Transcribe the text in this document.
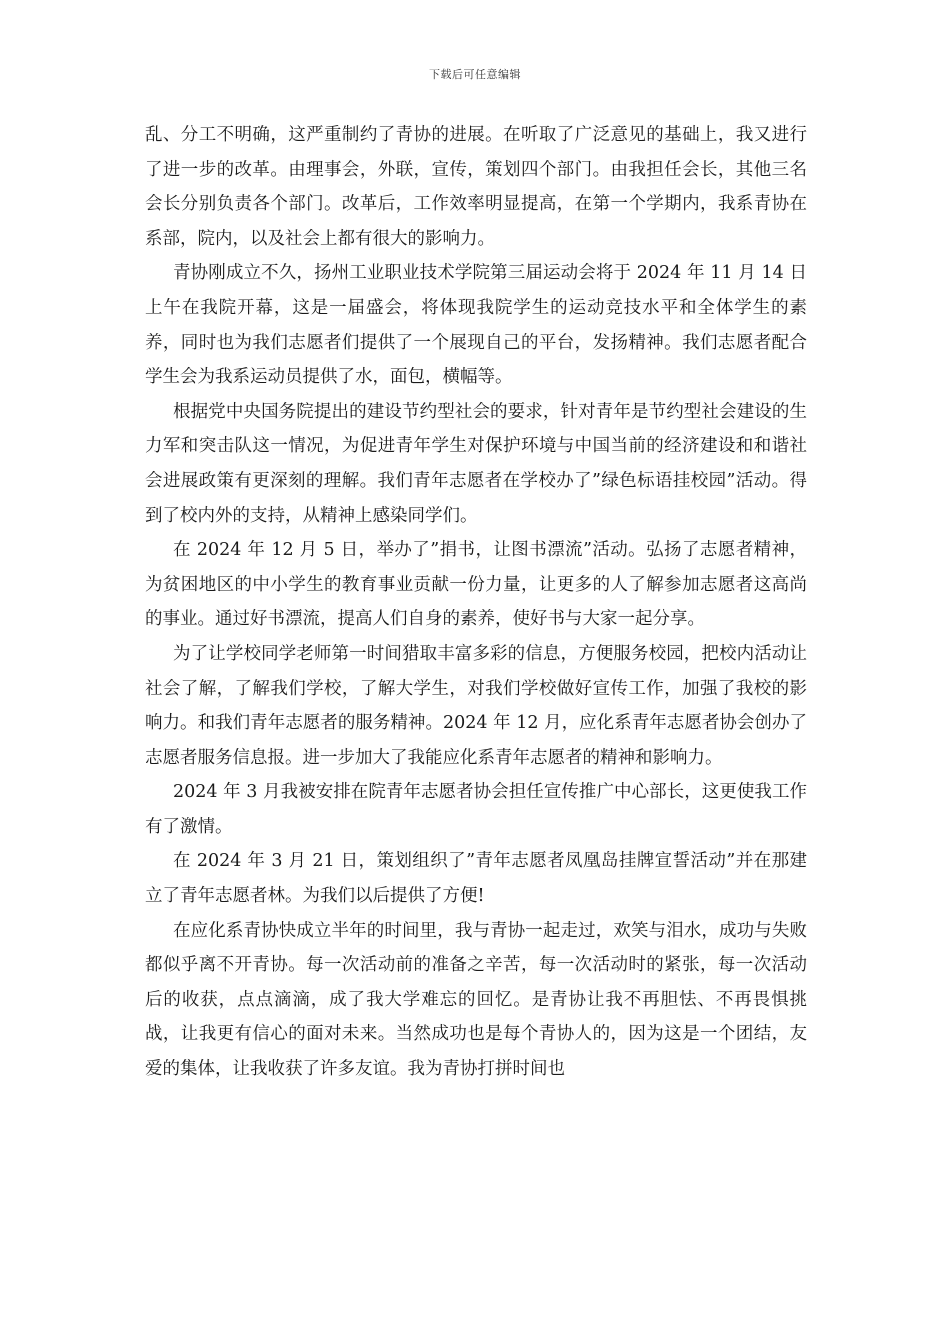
下载后可任意编辑

乱、分工不明确，这严重制约了青协的进展。在听取了广泛意见的基础上，我又进行了进一步的改革。由理事会，外联，宣传，策划四个部门。由我担任会长，其他三名会长分别负责各个部门。改革后，工作效率明显提高，在第一个学期内，我系青协在系部，院内，以及社会上都有很大的影响力。

青协刚成立不久，扬州工业职业技术学院第三届运动会将于 2024 年 11 月 14 日上午在我院开幕，这是一届盛会，将体现我院学生的运动竞技水平和全体学生的素养，同时也为我们志愿者们提供了一个展现自己的平台，发扬精神。我们志愿者配合学生会为我系运动员提供了水，面包，横幅等。

根据党中央国务院提出的建设节约型社会的要求，针对青年是节约型社会建设的生力军和突击队这一情况，为促进青年学生对保护环境与中国当前的经济建设和和谐社会进展政策有更深刻的理解。我们青年志愿者在学校办了”绿色标语挂校园”活动。得到了校内外的支持，从精神上感染同学们。

在 2024 年 12 月 5 日，举办了”捐书，让图书漂流”活动。弘扬了志愿者精神，为贫困地区的中小学生的教育事业贡献一份力量，让更多的人了解参加志愿者这高尚的事业。通过好书漂流，提高人们自身的素养，使好书与大家一起分享。

为了让学校同学老师第一时间猎取丰富多彩的信息，方便服务校园，把校内活动让社会了解，了解我们学校，了解大学生，对我们学校做好宣传工作，加强了我校的影响力。和我们青年志愿者的服务精神。2024 年 12 月，应化系青年志愿者协会创办了志愿者服务信息报。进一步加大了我能应化系青年志愿者的精神和影响力。

2024 年 3 月我被安排在院青年志愿者协会担任宣传推广中心部长，这更使我工作有了激情。

在 2024 年 3 月 21 日，策划组织了”青年志愿者凤凰岛挂牌宣誓活动”并在那建立了青年志愿者林。为我们以后提供了方便!

在应化系青协快成立半年的时间里，我与青协一起走过，欢笑与泪水，成功与失败都似乎离不开青协。每一次活动前的准备之辛苦，每一次活动时的紧张，每一次活动后的收获，点点滴滴，成了我大学难忘的回忆。是青协让我不再胆怯、不再畏惧挑战，让我更有信心的面对未来。当然成功也是每个青协人的，因为这是一个团结，友爱的集体，让我收获了许多友谊。我为青协打拼时间也
